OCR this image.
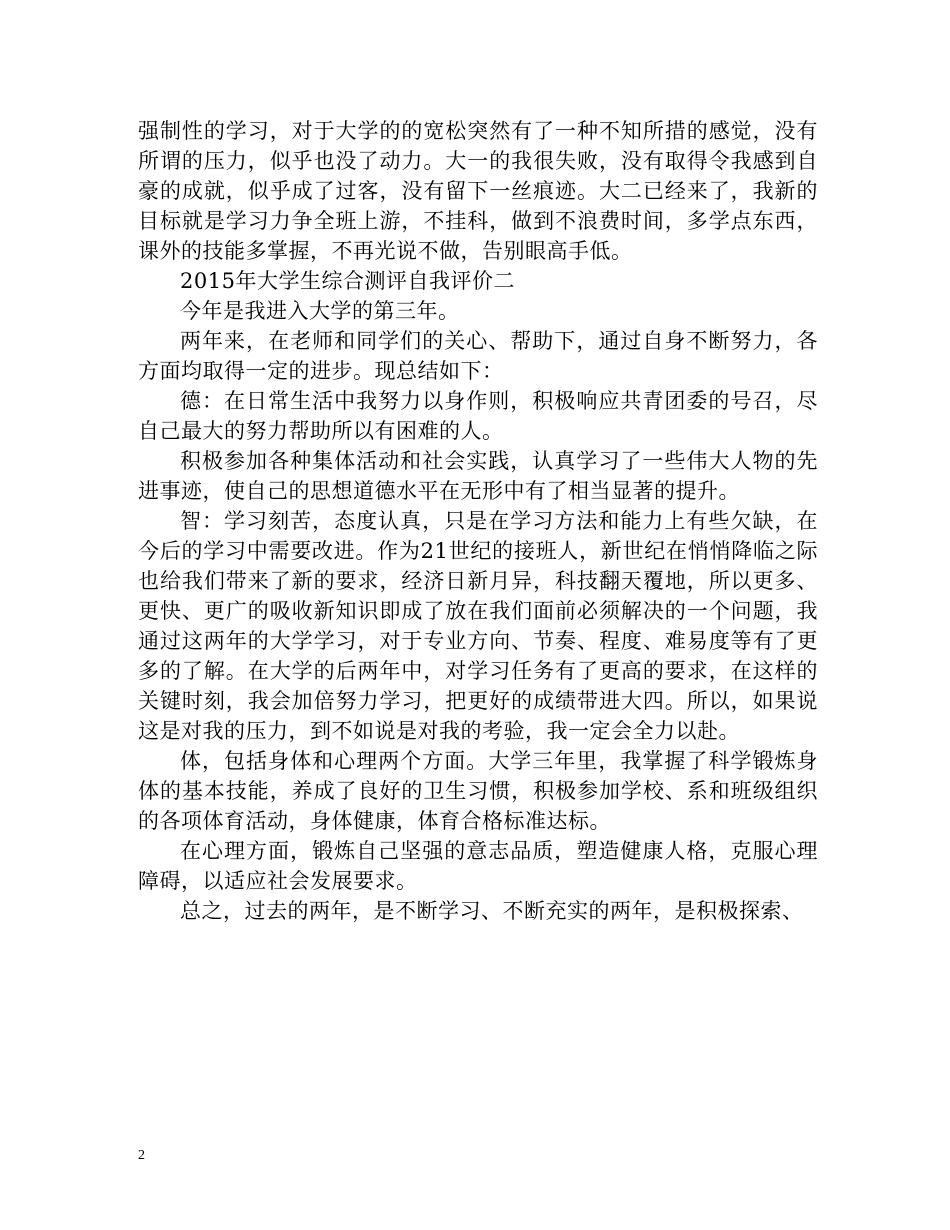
强制性的学习，对于大学的的宽松突然有了一种不知所措的感觉，没有所谓的压力，似乎也没了动力。大一的我很失败，没有取得令我感到自豪的成就，似乎成了过客，没有留下一丝痕迹。大二已经来了，我新的目标就是学习力争全班上游，不挂科，做到不浪费时间，多学点东西，课外的技能多掌握，不再光说不做，告别眼高手低。

2015年大学生综合测评自我评价二

今年是我进入大学的第三年。

两年来，在老师和同学们的关心、帮助下，通过自身不断努力，各方面均取得一定的进步。现总结如下：

德：在日常生活中我努力以身作则，积极响应共青团委的号召，尽自己最大的努力帮助所以有困难的人。

积极参加各种集体活动和社会实践，认真学习了一些伟大人物的先进事迹，使自己的思想道德水平在无形中有了相当显著的提升。

智：学习刻苦，态度认真，只是在学习方法和能力上有些欠缺，在今后的学习中需要改进。作为21世纪的接班人，新世纪在悄悄降临之际也给我们带来了新的要求，经济日新月异，科技翻天覆地，所以更多、更快、更广的吸收新知识即成了放在我们面前必须解决的一个问题，我通过这两年的大学学习，对于专业方向、节奏、程度、难易度等有了更多的了解。在大学的后两年中，对学习任务有了更高的要求，在这样的关键时刻，我会加倍努力学习，把更好的成绩带进大四。所以，如果说这是对我的压力，到不如说是对我的考验，我一定会全力以赴。

体，包括身体和心理两个方面。大学三年里，我掌握了科学锻炼身体的基本技能，养成了良好的卫生习惯，积极参加学校、系和班级组织的各项体育活动，身体健康，体育合格标准达标。

在心理方面，锻炼自己坚强的意志品质，塑造健康人格，克服心理障碍，以适应社会发展要求。

总之，过去的两年，是不断学习、不断充实的两年，是积极探索、

2
